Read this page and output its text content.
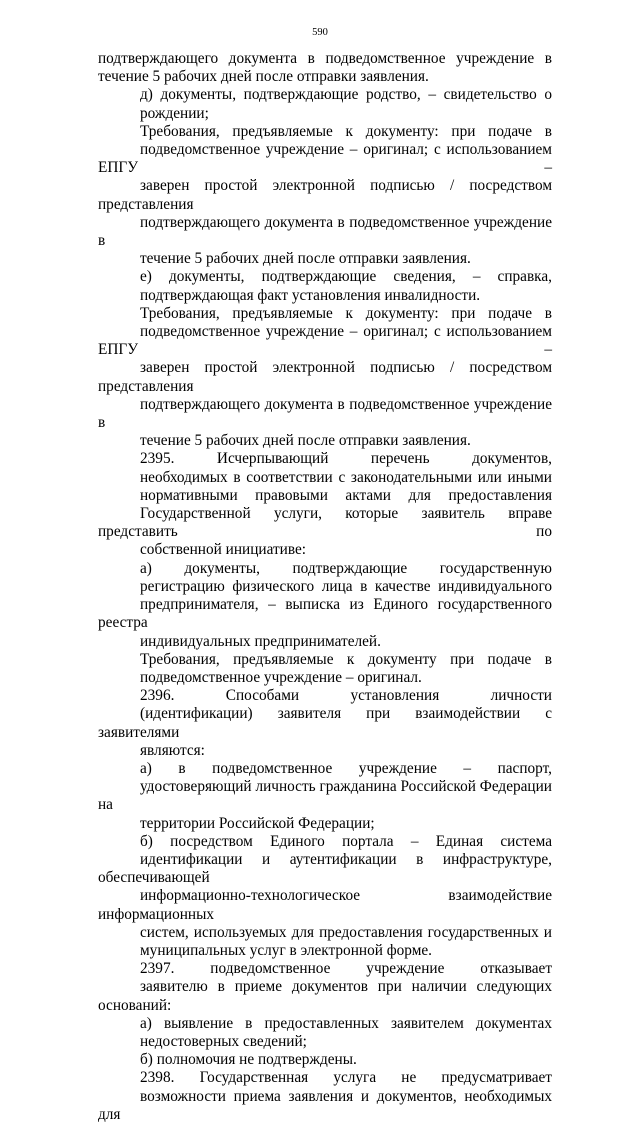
590

подтверждающего документа в подведомственное учреждение в
течение 5 рабочих дней после отправки заявления.

д) документы, подтверждающие родство, – свидетельство о
рождении;

Требования, предъявляемые к документу: при подаче в
подведомственное учреждение – оригинал; с использованием ЕПГУ –
заверен простой электронной подписью / посредством представления
подтверждающего документа в подведомственное учреждение в
течение 5 рабочих дней после отправки заявления.

е) документы, подтверждающие сведения, – справка,
подтверждающая факт установления инвалидности.

Требования, предъявляемые к документу: при подаче в
подведомственное учреждение – оригинал; с использованием ЕПГУ –
заверен простой электронной подписью / посредством представления
подтверждающего документа в подведомственное учреждение в
течение 5 рабочих дней после отправки заявления.

2395. Исчерпывающий перечень документов,
необходимых в соответствии с законодательными или иными
нормативными правовыми актами для предоставления
Государственной услуги, которые заявитель вправе представить по
собственной инициативе:

а) документы, подтверждающие государственную
регистрацию физического лица в качестве индивидуального
предпринимателя, – выписка из Единого государственного реестра
индивидуальных предпринимателей.

Требования, предъявляемые к документу при подаче в
подведомственное учреждение – оригинал.

2396. Способами установления личности
(идентификации) заявителя при взаимодействии с заявителями
являются:

а) в подведомственное учреждение – паспорт,
удостоверяющий личность гражданина Российской Федерации на
территории Российской Федерации;

б) посредством Единого портала – Единая система
идентификации и аутентификации в инфраструктуре, обеспечивающей
информационно-технологическое взаимодействие информационных
систем, используемых для предоставления государственных и
муниципальных услуг в электронной форме.

2397. подведомственное учреждение отказывает
заявителю в приеме документов при наличии следующих оснований:

а) выявление в предоставленных заявителем документах
недостоверных сведений;

б) полномочия не подтверждены.

2398. Государственная услуга не предусматривает
возможности приема заявления и документов, необходимых для
